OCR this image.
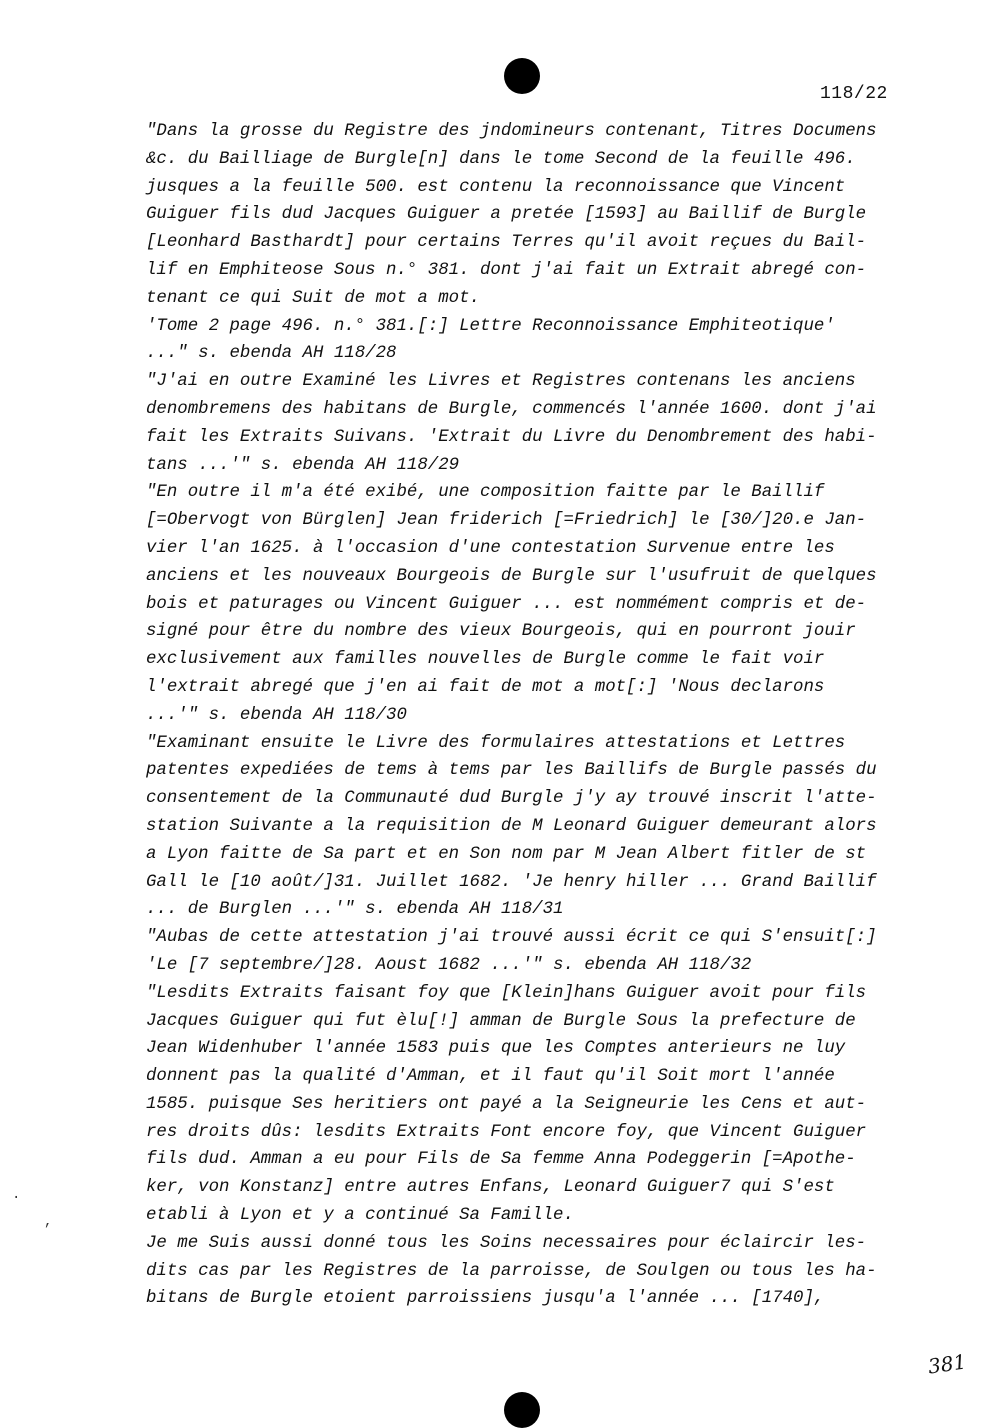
118/22
"Dans la grosse du Registre des jndomineurs contenant, Titres Documens
&c. du Bailliage de Burgle[n] dans le tome Second de la feuille 496.
jusques a la feuille 500. est contenu la reconnoissance que Vincent
Guiguer fils dud Jacques Guiguer a pretée [1593] au Baillif de Burgle
[Leonhard Basthardt] pour certains Terres qu'il avoit reçues du Bail-
lif en Emphiteose Sous n.° 381. dont j'ai fait un Extrait abregé con-
tenant ce qui Suit de mot a mot.
'Tome 2 page 496. n.° 381.[:] Lettre Reconnoissance Emphiteotique'
..." s. ebenda AH 118/28
"J'ai en outre Examiné les Livres et Registres contenans les anciens
denombremens des habitans de Burgle, commencés l'année 1600. dont j'ai
fait les Extraits Suivans. 'Extrait du Livre du Denombrement des habi-
tans ...'" s. ebenda AH 118/29
"En outre il m'a été exibé, une composition faitte par le Baillif
[=Obervogt von Bürglen] Jean friderich [=Friedrich] le [30/]20.e Jan-
vier l'an 1625. à l'occasion d'une contestation Survenue entre les
anciens et les nouveaux Bourgeois de Burgle sur l'usufruit de quelques
bois et paturages ou Vincent Guiguer ... est nommément compris et de-
signé pour être du nombre des vieux Bourgeois, qui en pourront jouir
exclusivement aux familles nouvelles de Burgle comme le fait voir
l'extrait abregé que j'en ai fait de mot a mot[:] 'Nous declarons
...'" s. ebenda AH 118/30
"Examinant ensuite le Livre des formulaires attestations et Lettres
patentes expediées de tems à tems par les Baillifs de Burgle passés du
consentement de la Communauté dud Burgle j'y ay trouvé inscrit l'atte-
station Suivante a la requisition de M Leonard Guiguer demeurant alors
a Lyon faitte de Sa part et en Son nom par M Jean Albert fitler de st
Gall le [10 août/]31. Juillet 1682. 'Je henry hiller ... Grand Baillif
... de Burglen ...'" s. ebenda AH 118/31
"Aubas de cette attestation j'ai trouvé aussi écrit ce qui S'ensuit[:]
'Le [7 septembre/]28. Aoust 1682 ...'" s. ebenda AH 118/32
"Lesdits Extraits faisant foy que [Klein]hans Guiguer avoit pour fils
Jacques Guiguer qui fut èlu[!] amman de Burgle Sous la prefecture de
Jean Widenhuber l'année 1583 puis que les Comptes anterieurs ne luy
donnent pas la qualité d'Amman, et il faut qu'il Soit mort l'année
1585. puisque Ses heritiers ont payé a la Seigneurie les Cens et aut-
res droits dûs: lesdits Extraits Font encore foy, que Vincent Guiguer
fils dud. Amman a eu pour Fils de Sa femme Anna Podeggerin [=Apothe-
ker, von Konstanz] entre autres Enfans, Leonard Guiguer7 qui S'est
etabli à Lyon et y a continué Sa Famille.
Je me Suis aussi donné tous les Soins necessaires pour éclaircir les-
dits cas par les Registres de la parroisse, de Soulgen ou tous les ha-
bitans de Burgle etoient parroissiens jusqu'a l'année ... [1740],
·
,
381
